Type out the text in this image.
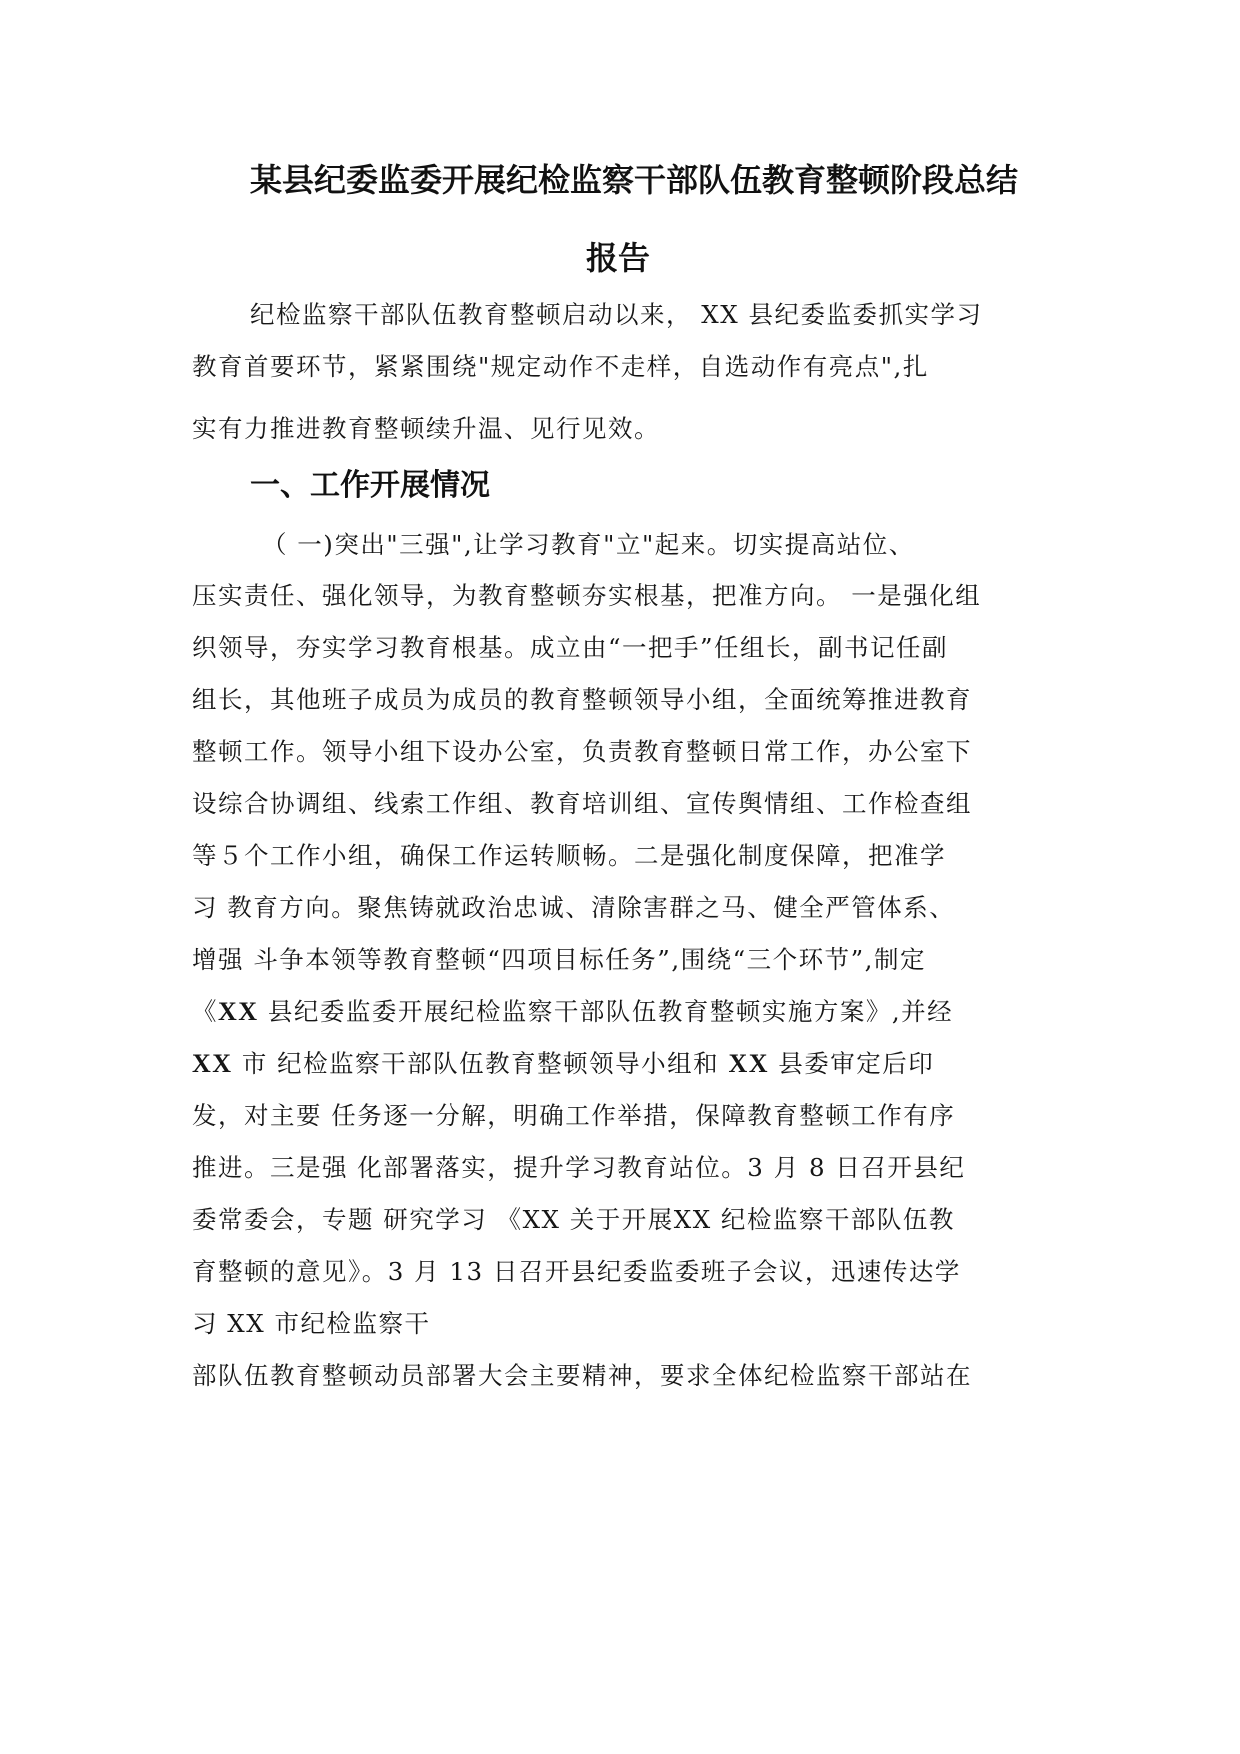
某县纪委监委开展纪检监察干部队伍教育整顿阶段总结
报告
纪检监察干部队伍教育整顿启动以来， XX 县纪委监委抓实学习
教育首要环节，紧紧围绕"规定动作不走样，自选动作有亮点",扎
实有力推进教育整顿续升温、见行见效。
一、工作开展情况
（ 一)突出"三强",让学习教育"立"起来。切实提高站位、
压实责任、强化领导，为教育整顿夯实根基，把准方向。 一是强化组
织领导，夯实学习教育根基。成立由“一把手”任组长，副书记任副
组长，其他班子成员为成员的教育整顿领导小组，全面统筹推进教育
整顿工作。领导小组下设办公室，负责教育整顿日常工作，办公室下
设综合协调组、线索工作组、教育培训组、宣传舆情组、工作检查组
等５个工作小组，确保工作运转顺畅。二是强化制度保障，把准学
习 教育方向。聚焦铸就政治忠诚、清除害群之马、健全严管体系、
增强 斗争本领等教育整顿“四项目标任务”,围绕“三个环节”,制定
《XX 县纪委监委开展纪检监察干部队伍教育整顿实施方案》,并经
XX 市 纪检监察干部队伍教育整顿领导小组和 XX 县委审定后印
发，对主要 任务逐一分解，明确工作举措，保障教育整顿工作有序
推进。三是强 化部署落实，提升学习教育站位。3 月 8 日召开县纪
委常委会，专题 研究学习 《XX 关于开展XX 纪检监察干部队伍教
育整顿的意见》。3 月 13 日召开县纪委监委班子会议，迅速传达学
习 XX 市纪检监察干
部队伍教育整顿动员部署大会主要精神，要求全体纪检监察干部站在
